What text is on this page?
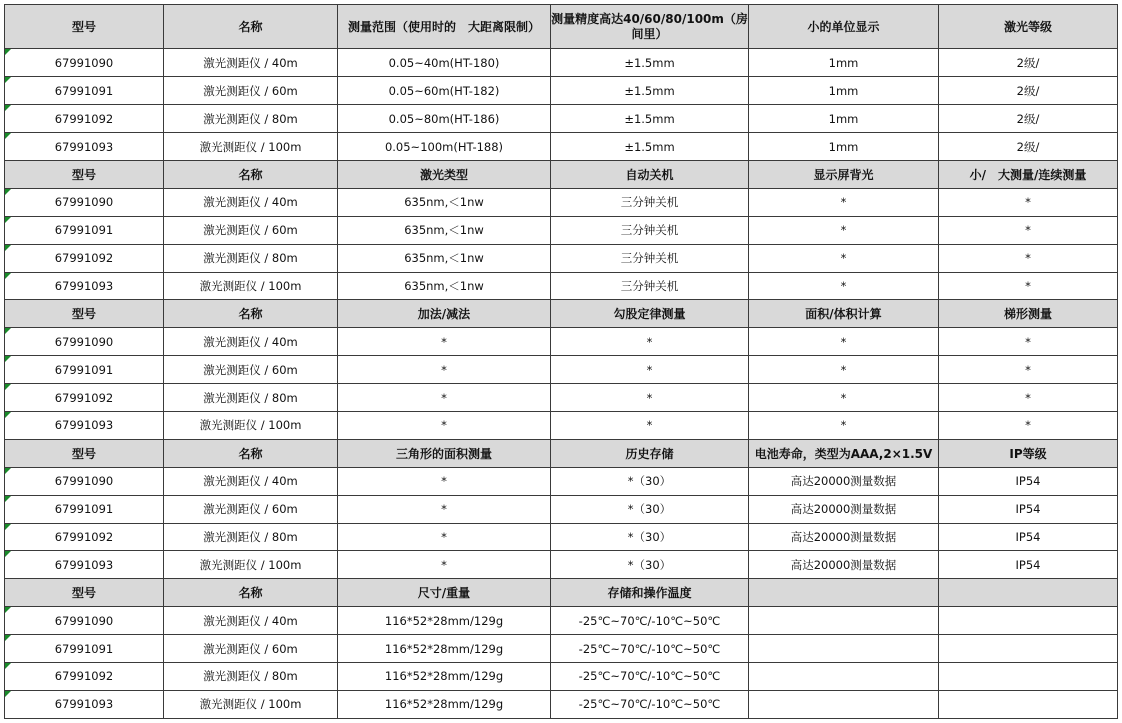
型号	名称	测量范围（使用时的　大距离限制）	测量精度高达40/60/80/100m（房间里）	小的单位显示	激光等级

67991090	激光测距仪 / 40m	0.05~40m(HT-180)	±1.5mm	1mm	2级/

67991091	激光测距仪 / 60m	0.05~60m(HT-182)	±1.5mm	1mm	2级/

67991092	激光测距仪 / 80m	0.05~80m(HT-186)	±1.5mm	1mm	2级/

67991093	激光测距仪 / 100m	0.05~100m(HT-188)	±1.5mm	1mm	2级/
型号	名称	激光类型	自动关机	显示屏背光	小/　大测量/连续测量

67991090	激光测距仪 / 40m	635nm,＜1nw	三分钟关机	*	*

67991091	激光测距仪 / 60m	635nm,＜1nw	三分钟关机	*	*

67991092	激光测距仪 / 80m	635nm,＜1nw	三分钟关机	*	*

67991093	激光测距仪 / 100m	635nm,＜1nw	三分钟关机	*	*
型号	名称	加法/减法	勾股定律测量	面积/体积计算	梯形测量

67991090	激光测距仪 / 40m	*	*	*	*

67991091	激光测距仪 / 60m	*	*	*	*

67991092	激光测距仪 / 80m	*	*	*	*

67991093	激光测距仪 / 100m	*	*	*	*
型号	名称	三角形的面积测量	历史存储	电池寿命，类型为AAA,2×1.5V	IP等级

67991090	激光测距仪 / 40m	*	*（30）	高达20000测量数据	IP54

67991091	激光测距仪 / 60m	*	*（30）	高达20000测量数据	IP54

67991092	激光测距仪 / 80m	*	*（30）	高达20000测量数据	IP54

67991093	激光测距仪 / 100m	*	*（30）	高达20000测量数据	IP54
型号	名称	尺寸/重量	存储和操作温度		

67991090	激光测距仪 / 40m	116*52*28mm/129g	-25℃~70℃/-10℃~50℃		

67991091	激光测距仪 / 60m	116*52*28mm/129g	-25℃~70℃/-10℃~50℃		

67991092	激光测距仪 / 80m	116*52*28mm/129g	-25℃~70℃/-10℃~50℃		

67991093	激光测距仪 / 100m	116*52*28mm/129g	-25℃~70℃/-10℃~50℃		
